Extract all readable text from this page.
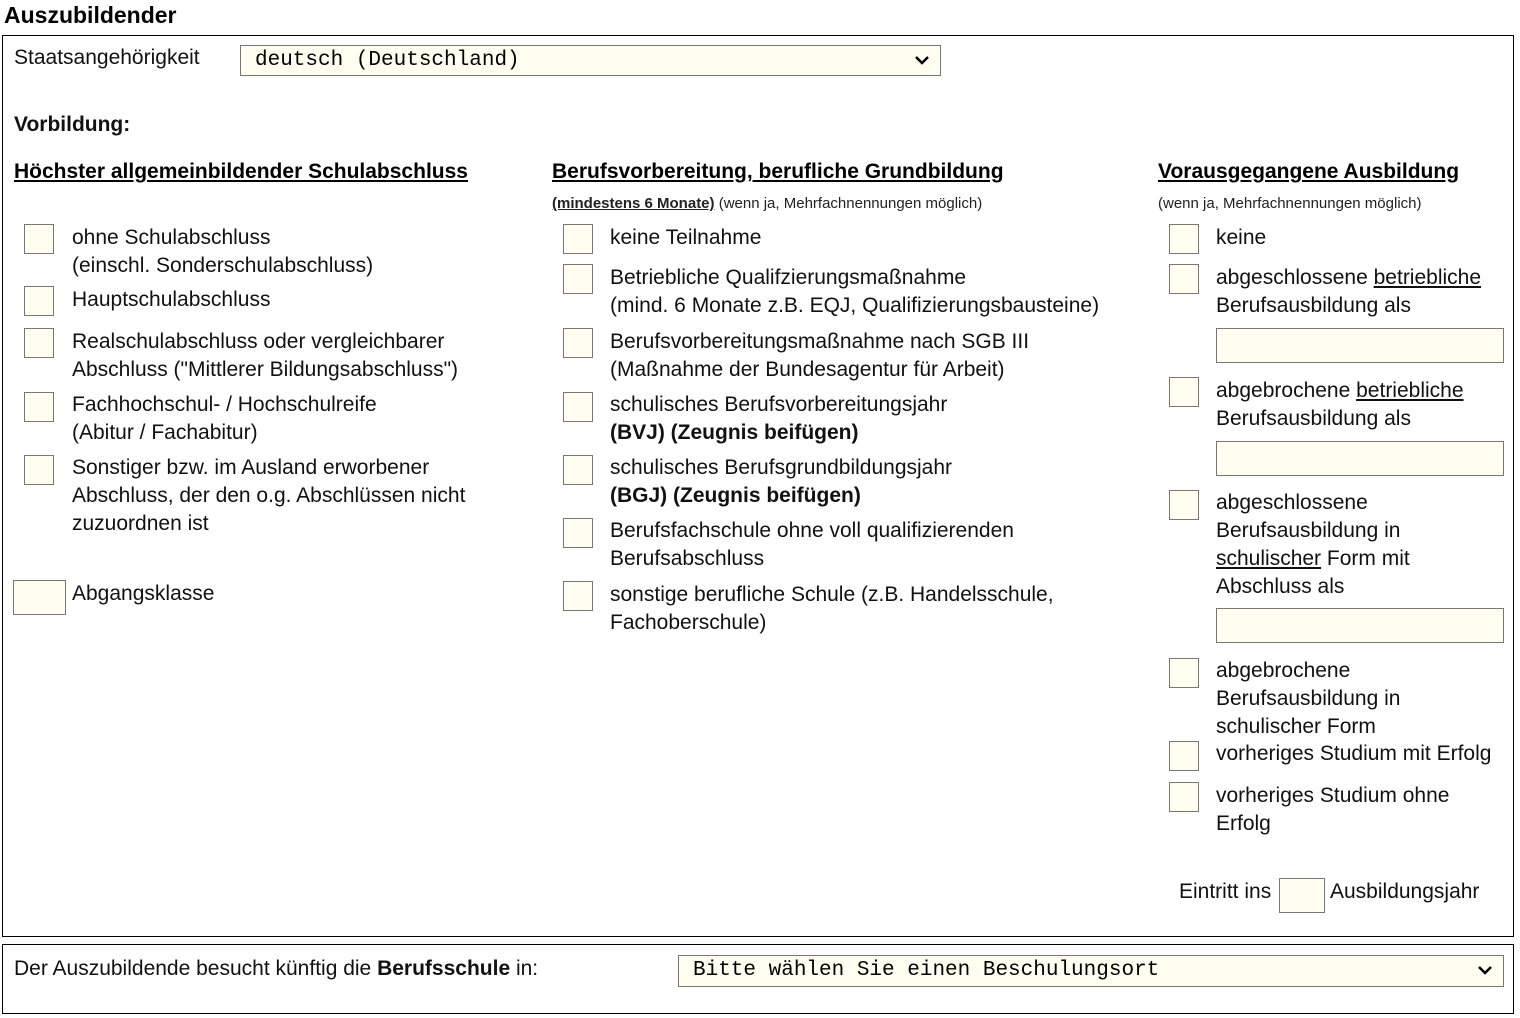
Auszubildender
Staatsangehörigkeit	deutsch (Deutschland)
Vorbildung:
Höchster allgemeinbildender Schulabschluss
ohne Schulabschluss
(einschl. Sonderschulabschluss)
Hauptschulabschluss
Realschulabschluss oder vergleichbarer
Abschluss ("Mittlerer Bildungsabschluss")
Fachhochschul- / Hochschulreife
(Abitur / Fachabitur)
Sonstiger bzw. im Ausland erworbener
Abschluss, der den o.g. Abschlüssen nicht
zuzuordnen ist
Abgangsklasse
Berufsvorbereitung, berufliche Grundbildung
(mindestens 6 Monate) (wenn ja, Mehrfachnennungen möglich)
keine Teilnahme
Betriebliche Qualifzierungsmaßnahme
(mind. 6 Monate z.B. EQJ, Qualifizierungsbausteine)
Berufsvorbereitungsmaßnahme nach SGB III
(Maßnahme der Bundesagentur für Arbeit)
schulisches Berufsvorbereitungsjahr
(BVJ) (Zeugnis beifügen)
schulisches Berufsgrundbildungsjahr
(BGJ) (Zeugnis beifügen)
Berufsfachschule ohne voll qualifizierenden
Berufsabschluss
sonstige berufliche Schule (z.B. Handelsschule,
Fachoberschule)
Vorausgegangene Ausbildung
(wenn ja, Mehrfachnennungen möglich)
keine
abgeschlossene betriebliche
Berufsausbildung als
abgebrochene betriebliche
Berufsausbildung als
abgeschlossene
Berufsausbildung in
schulischer Form mit
Abschluss als
abgebrochene
Berufsausbildung in
schulischer Form
vorheriges Studium mit Erfolg
vorheriges Studium ohne
Erfolg
Eintritt ins	Ausbildungsjahr
Der Auszubildende besucht künftig die Berufsschule in:	Bitte wählen Sie einen Beschulungsort
